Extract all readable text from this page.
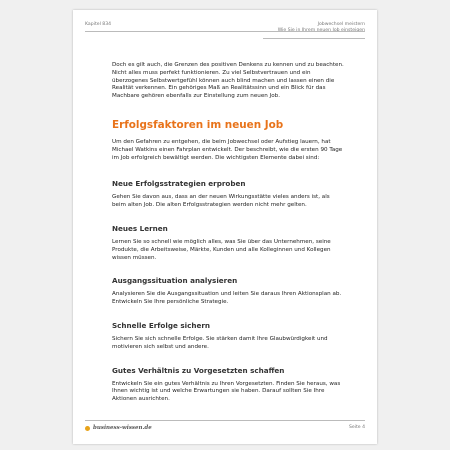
Kapitel 834	Jobwechsel meistern
Wie Sie in Ihrem neuen Job einsteigen

Doch es gilt auch, die Grenzen des positiven Denkens zu kennen und zu beachten. Nicht alles muss perfekt funktionieren. Zu viel Selbstvertrauen und ein überzogenes Selbstwertgefühl können auch blind machen und lassen einen die Realität verkennen. Ein gehöriges Maß an Realitätssinn und ein Blick für das Machbare gehören ebenfalls zur Einstellung zum neuen Job.

Erfolgsfaktoren im neuen Job

Um den Gefahren zu entgehen, die beim Jobwechsel oder Aufstieg lauern, hat Michael Watkins einen Fahrplan entwickelt. Der beschreibt, wie die ersten 90 Tage im Job erfolgreich bewältigt werden. Die wichtigsten Elemente dabei sind:

Neue Erfolgsstrategien erproben

Gehen Sie davon aus, dass an der neuen Wirkungsstätte vieles anders ist, als beim alten Job. Die alten Erfolgsstrategien werden nicht mehr gelten.

Neues Lernen

Lernen Sie so schnell wie möglich alles, was Sie über das Unternehmen, seine Produkte, die Arbeitsweise, Märkte, Kunden und alle Kolleginnen und Kollegen wissen müssen.

Ausgangssituation analysieren

Analysieren Sie die Ausgangssituation und leiten Sie daraus Ihren Aktionsplan ab. Entwickeln Sie Ihre persönliche Strategie.

Schnelle Erfolge sichern

Sichern Sie sich schnelle Erfolge. Sie stärken damit Ihre Glaubwürdigkeit und motivieren sich selbst und andere.

Gutes Verhältnis zu Vorgesetzten schaffen

Entwickeln Sie ein gutes Verhältnis zu Ihren Vorgesetzten. Finden Sie heraus, was Ihnen wichtig ist und welche Erwartungen sie haben. Darauf sollten Sie Ihre Aktionen ausrichten.

business-wissen.de	Seite 4
